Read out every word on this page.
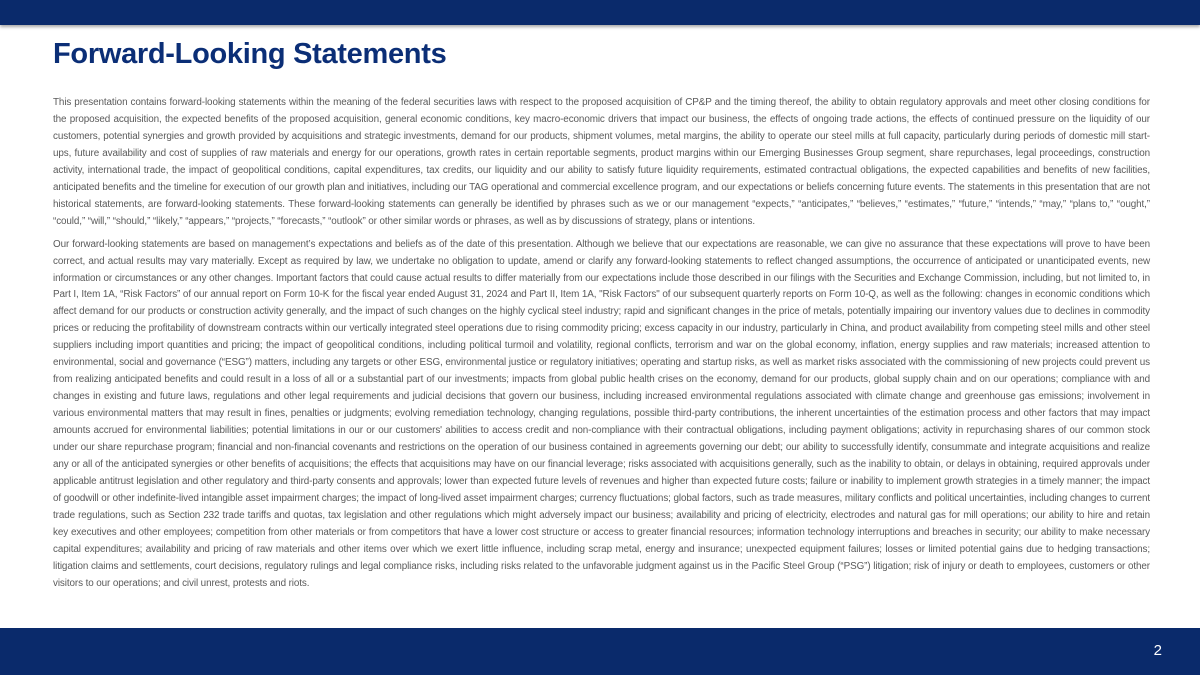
Forward-Looking Statements

This presentation contains forward-looking statements within the meaning of the federal securities laws with respect to the proposed acquisition of CP&P and the timing thereof, the ability to obtain regulatory approvals and meet other closing conditions for the proposed acquisition, the expected benefits of the proposed acquisition, general economic conditions, key macro-economic drivers that impact our business, the effects of ongoing trade actions, the effects of continued pressure on the liquidity of our customers, potential synergies and growth provided by acquisitions and strategic investments, demand for our products, shipment volumes, metal margins, the ability to operate our steel mills at full capacity, particularly during periods of domestic mill start-ups, future availability and cost of supplies of raw materials and energy for our operations, growth rates in certain reportable segments, product margins within our Emerging Businesses Group segment, share repurchases, legal proceedings, construction activity, international trade, the impact of geopolitical conditions, capital expenditures, tax credits, our liquidity and our ability to satisfy future liquidity requirements, estimated contractual obligations, the expected capabilities and benefits of new facilities, anticipated benefits and the timeline for execution of our growth plan and initiatives, including our TAG operational and commercial excellence program, and our expectations or beliefs concerning future events. The statements in this presentation that are not historical statements, are forward-looking statements. These forward-looking statements can generally be identified by phrases such as we or our management “expects,” “anticipates,” “believes,” “estimates,” “future,” “intends,” “may,” “plans to,” “ought,” “could,” “will,” “should,” “likely,” “appears,” “projects,” “forecasts,” “outlook” or other similar words or phrases, as well as by discussions of strategy, plans or intentions.

Our forward-looking statements are based on management’s expectations and beliefs as of the date of this presentation. Although we believe that our expectations are reasonable, we can give no assurance that these expectations will prove to have been correct, and actual results may vary materially. Except as required by law, we undertake no obligation to update, amend or clarify any forward-looking statements to reflect changed assumptions, the occurrence of anticipated or unanticipated events, new information or circumstances or any other changes. Important factors that could cause actual results to differ materially from our expectations include those described in our filings with the Securities and Exchange Commission, including, but not limited to, in Part I, Item 1A, “Risk Factors” of our annual report on Form 10-K for the fiscal year ended August 31, 2024 and Part II, Item 1A, "Risk Factors" of our subsequent quarterly reports on Form 10-Q, as well as the following: changes in economic conditions which affect demand for our products or construction activity generally, and the impact of such changes on the highly cyclical steel industry; rapid and significant changes in the price of metals, potentially impairing our inventory values due to declines in commodity prices or reducing the profitability of downstream contracts within our vertically integrated steel operations due to rising commodity pricing; excess capacity in our industry, particularly in China, and product availability from competing steel mills and other steel suppliers including import quantities and pricing; the impact of geopolitical conditions, including political turmoil and volatility, regional conflicts, terrorism and war on the global economy, inflation, energy supplies and raw materials; increased attention to environmental, social and governance (“ESG”) matters, including any targets or other ESG, environmental justice or regulatory initiatives; operating and startup risks, as well as market risks associated with the commissioning of new projects could prevent us from realizing anticipated benefits and could result in a loss of all or a substantial part of our investments; impacts from global public health crises on the economy, demand for our products, global supply chain and on our operations; compliance with and changes in existing and future laws, regulations and other legal requirements and judicial decisions that govern our business, including increased environmental regulations associated with climate change and greenhouse gas emissions; involvement in various environmental matters that may result in fines, penalties or judgments; evolving remediation technology, changing regulations, possible third-party contributions, the inherent uncertainties of the estimation process and other factors that may impact amounts accrued for environmental liabilities; potential limitations in our or our customers' abilities to access credit and non-compliance with their contractual obligations, including payment obligations; activity in repurchasing shares of our common stock under our share repurchase program; financial and non-financial covenants and restrictions on the operation of our business contained in agreements governing our debt; our ability to successfully identify, consummate and integrate acquisitions and realize any or all of the anticipated synergies or other benefits of acquisitions; the effects that acquisitions may have on our financial leverage; risks associated with acquisitions generally, such as the inability to obtain, or delays in obtaining, required approvals under applicable antitrust legislation and other regulatory and third-party consents and approvals; lower than expected future levels of revenues and higher than expected future costs; failure or inability to implement growth strategies in a timely manner; the impact of goodwill or other indefinite-lived intangible asset impairment charges; the impact of long-lived asset impairment charges; currency fluctuations; global factors, such as trade measures, military conflicts and political uncertainties, including changes to current trade regulations, such as Section 232 trade tariffs and quotas, tax legislation and other regulations which might adversely impact our business; availability and pricing of electricity, electrodes and natural gas for mill operations; our ability to hire and retain key executives and other employees; competition from other materials or from competitors that have a lower cost structure or access to greater financial resources; information technology interruptions and breaches in security; our ability to make necessary capital expenditures; availability and pricing of raw materials and other items over which we exert little influence, including scrap metal, energy and insurance; unexpected equipment failures; losses or limited potential gains due to hedging transactions; litigation claims and settlements, court decisions, regulatory rulings and legal compliance risks, including risks related to the unfavorable judgment against us in the Pacific Steel Group (“PSG”) litigation; risk of injury or death to employees, customers or other visitors to our operations; and civil unrest, protests and riots.

2
